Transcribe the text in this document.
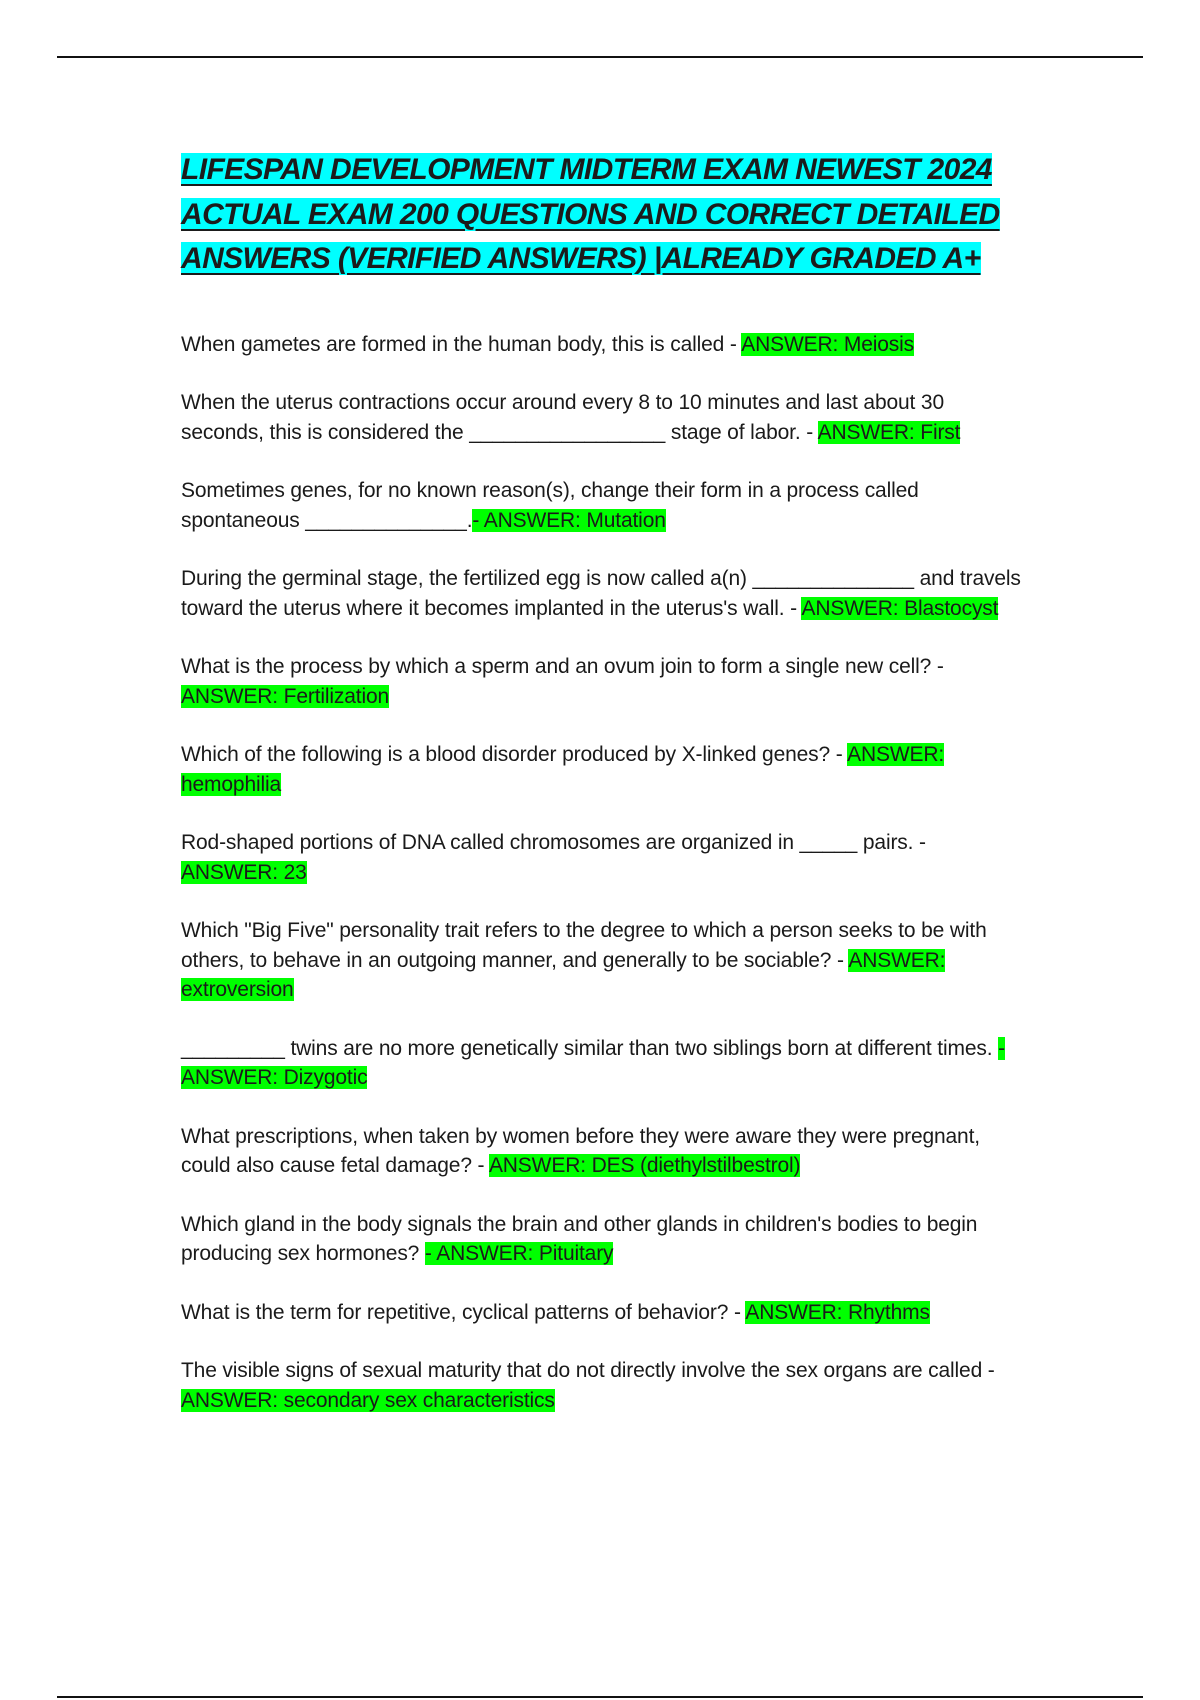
LIFESPAN DEVELOPMENT MIDTERM EXAM NEWEST 2024 ACTUAL EXAM 200 QUESTIONS AND CORRECT DETAILED ANSWERS (VERIFIED ANSWERS) |ALREADY GRADED A+

When gametes are formed in the human body, this is called - ANSWER: Meiosis

When the uterus contractions occur around every 8 to 10 minutes and last about 30 seconds, this is considered the _________________ stage of labor. - ANSWER: First

Sometimes genes, for no known reason(s), change their form in a process called spontaneous ______________.- ANSWER: Mutation

During the germinal stage, the fertilized egg is now called a(n) ______________ and travels toward the uterus where it becomes implanted in the uterus's wall. - ANSWER: Blastocyst

What is the process by which a sperm and an ovum join to form a single new cell? - ANSWER: Fertilization

Which of the following is a blood disorder produced by X-linked genes? - ANSWER: hemophilia

Rod-shaped portions of DNA called chromosomes are organized in _____ pairs. - ANSWER: 23

Which "Big Five" personality trait refers to the degree to which a person seeks to be with others, to behave in an outgoing manner, and generally to be sociable? - ANSWER: extroversion

_________ twins are no more genetically similar than two siblings born at different times. - ANSWER: Dizygotic

What prescriptions, when taken by women before they were aware they were pregnant, could also cause fetal damage? - ANSWER: DES (diethylstilbestrol)

Which gland in the body signals the brain and other glands in children's bodies to begin producing sex hormones? - ANSWER: Pituitary

What is the term for repetitive, cyclical patterns of behavior? - ANSWER: Rhythms

The visible signs of sexual maturity that do not directly involve the sex organs are called - ANSWER: secondary sex characteristics
